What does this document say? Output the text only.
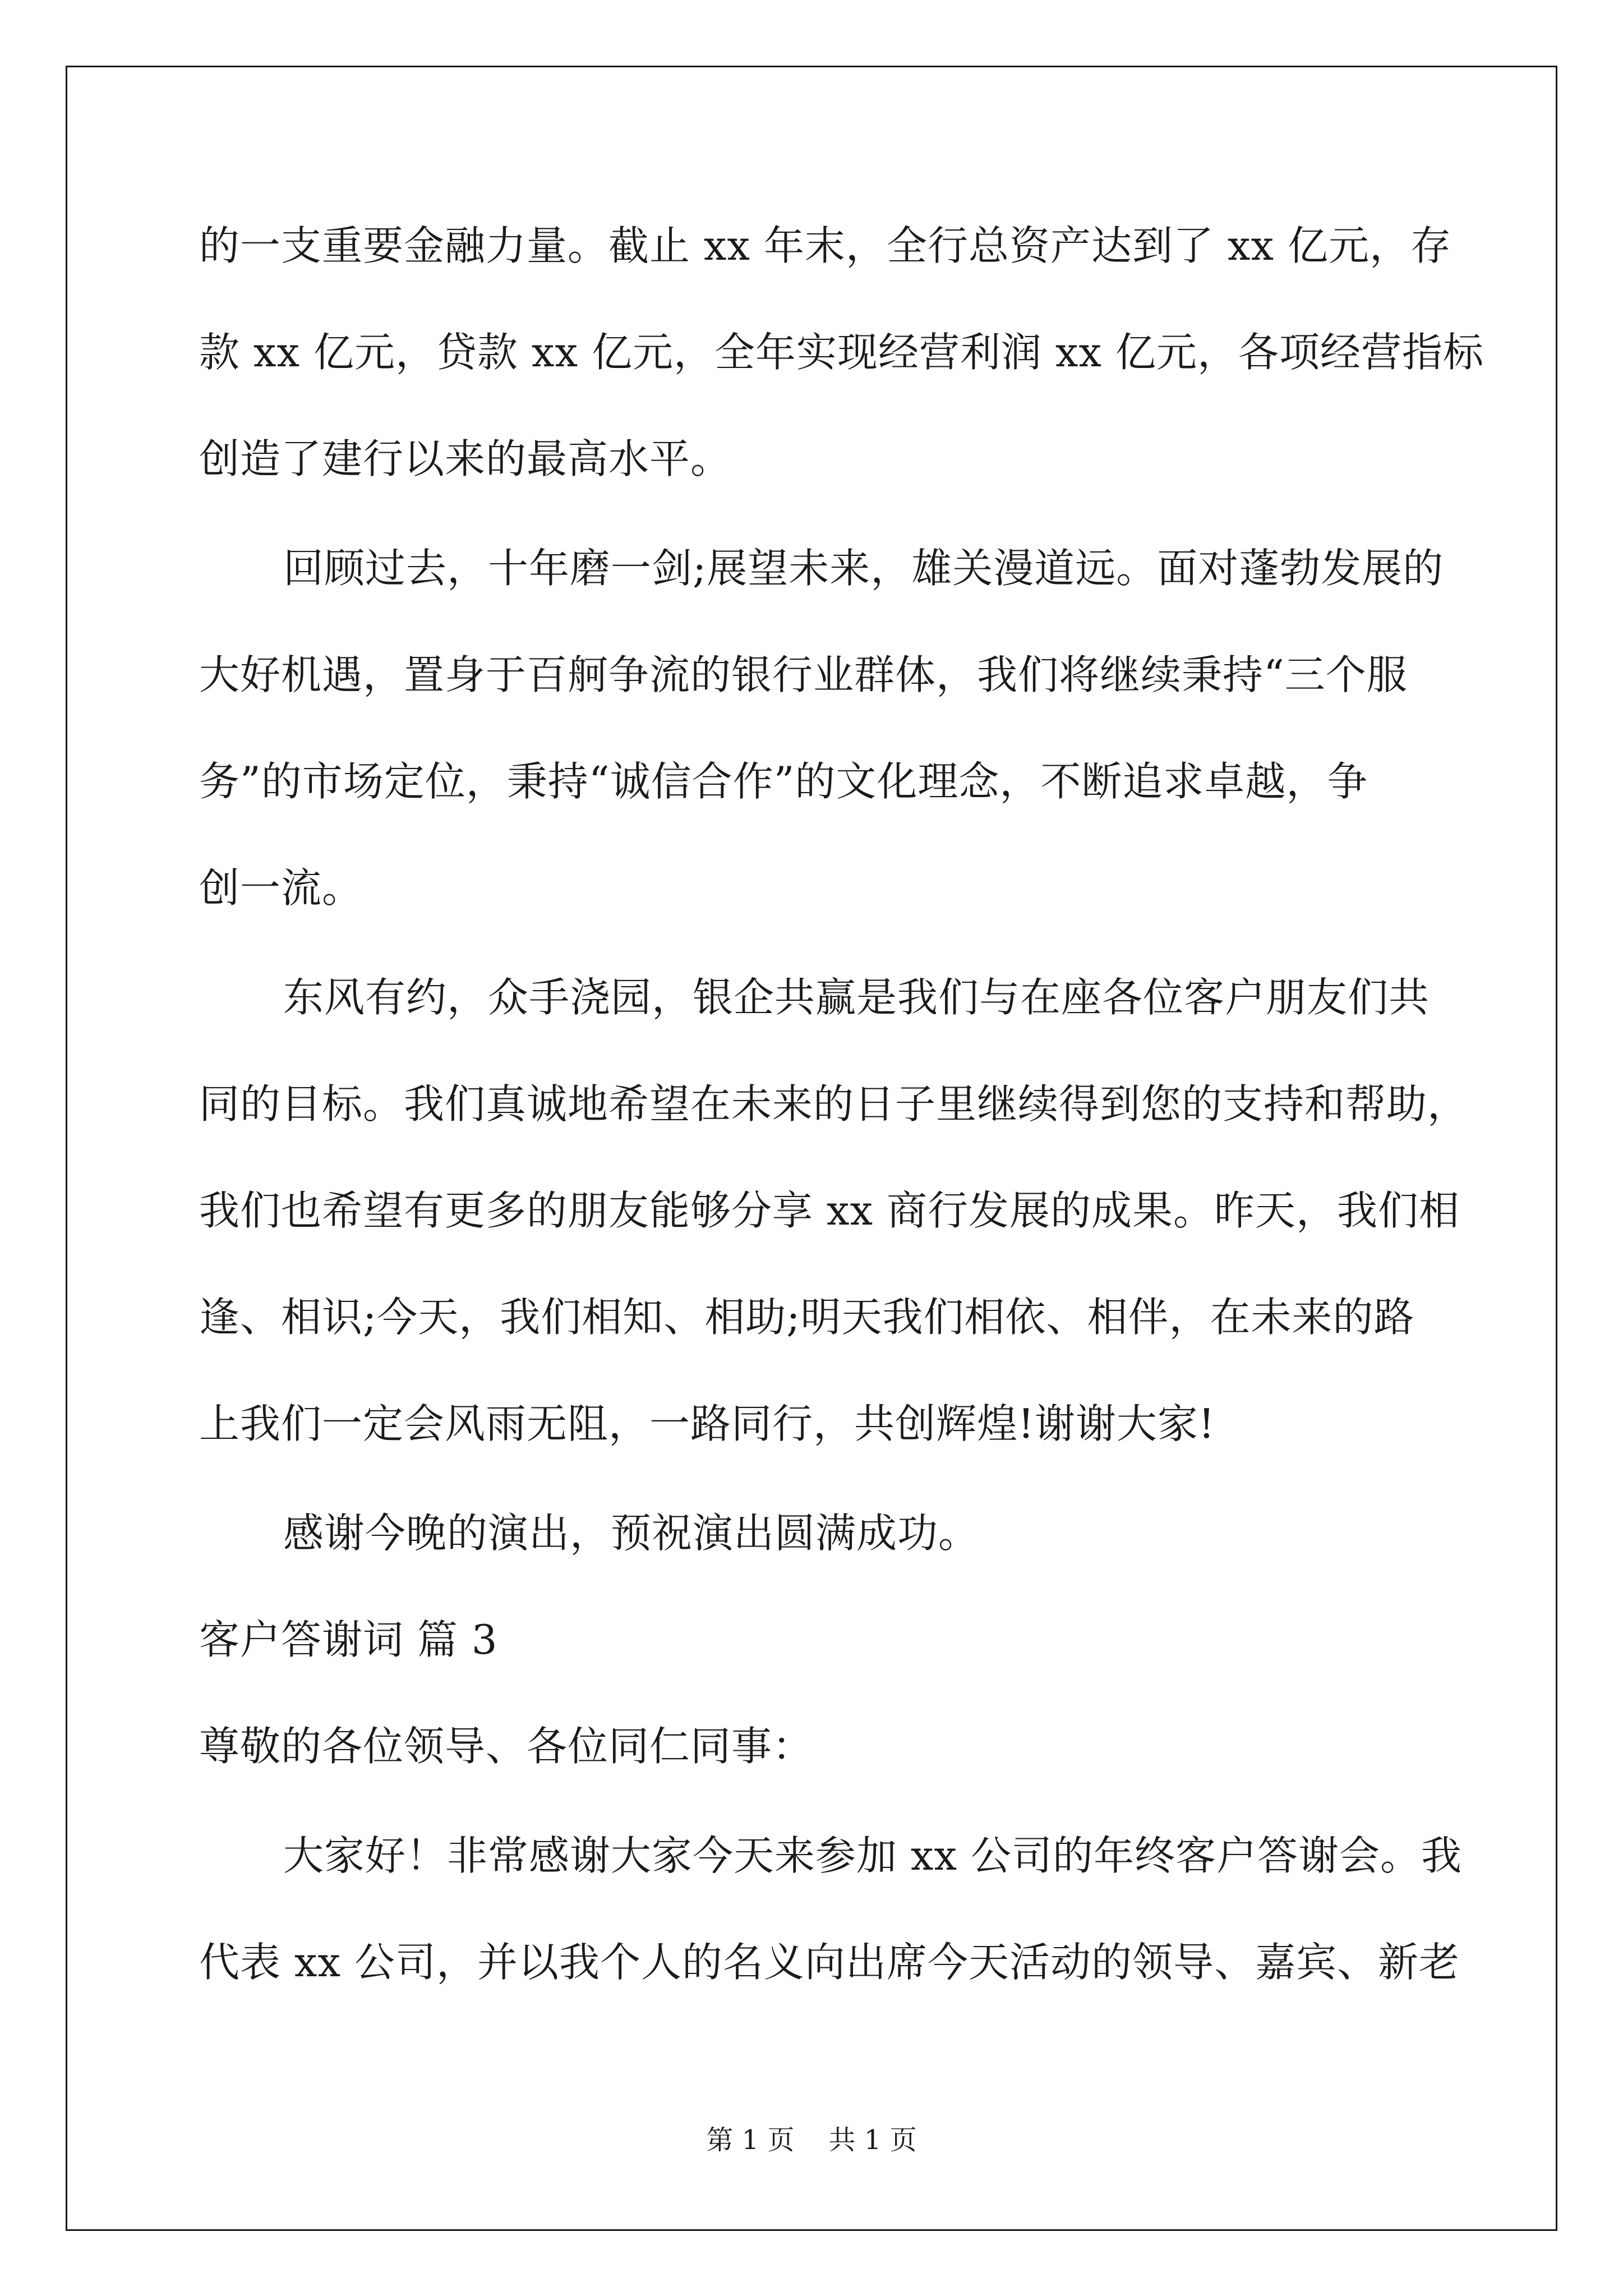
的一支重要金融力量。截止 xx 年末，全行总资产达到了 xx 亿元，存
款 xx 亿元，贷款 xx 亿元，全年实现经营利润 xx 亿元，各项经营指标
创造了建行以来的最高水平。
回顾过去，十年磨一剑;展望未来，雄关漫道远。面对蓬勃发展的
大好机遇，置身于百舸争流的银行业群体，我们将继续秉持“三个服
务”的市场定位，秉持“诚信合作”的文化理念，不断追求卓越，争
创一流。
东风有约，众手浇园，银企共赢是我们与在座各位客户朋友们共
同的目标。我们真诚地希望在未来的日子里继续得到您的支持和帮助，
我们也希望有更多的朋友能够分享 xx 商行发展的成果。昨天，我们相
逢、相识;今天，我们相知、相助;明天我们相依、相伴，在未来的路
上我们一定会风雨无阻，一路同行，共创辉煌!谢谢大家!
感谢今晚的演出，预祝演出圆满成功。
客户答谢词 篇 3
尊敬的各位领导、各位同仁同事：
大家好！非常感谢大家今天来参加 xx 公司的年终客户答谢会。我
代表 xx 公司，并以我个人的名义向出席今天活动的领导、嘉宾、新老
第 1 页    共 1 页
